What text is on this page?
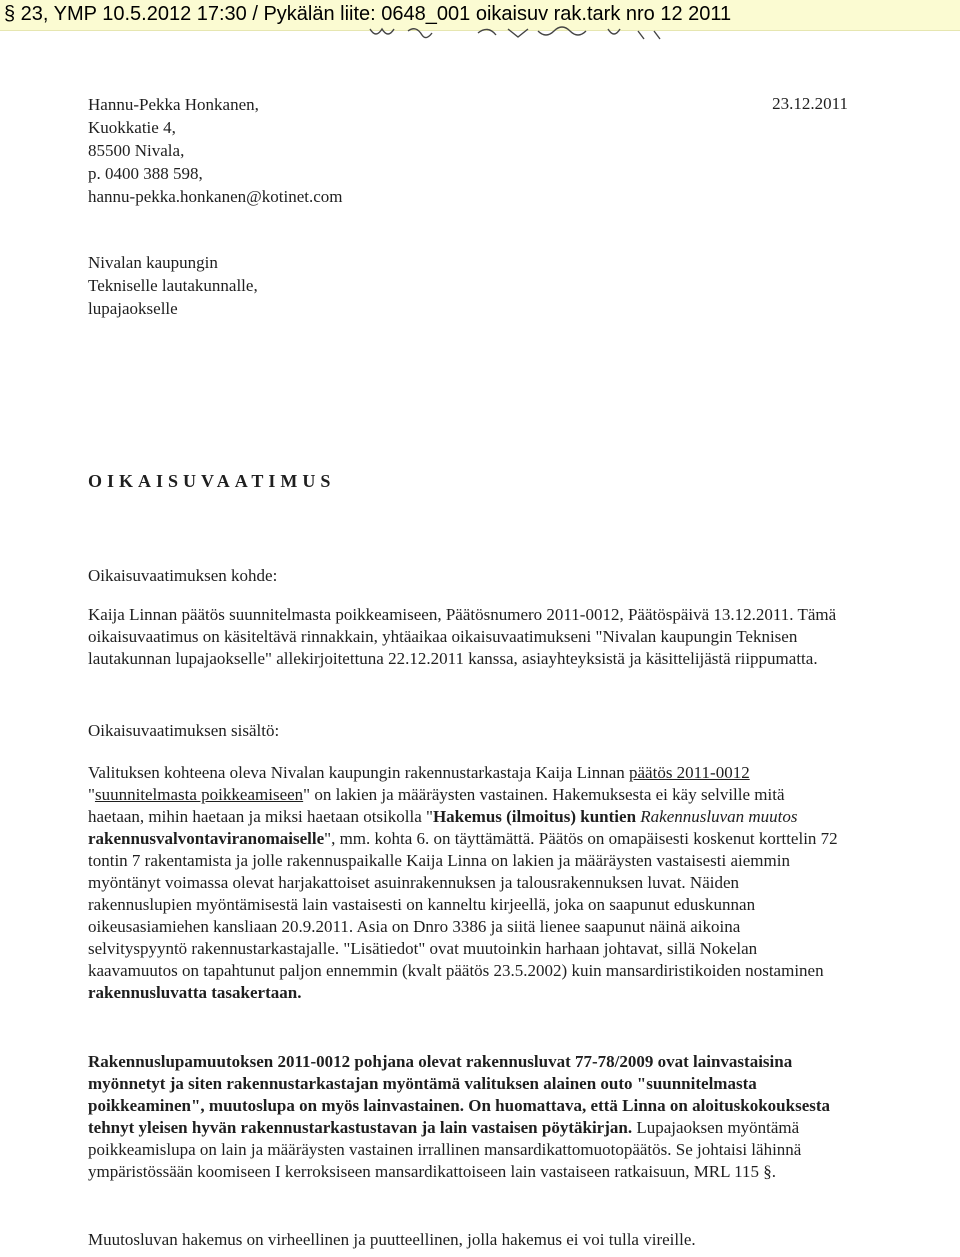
§ 23, YMP 10.5.2012 17:30 / Pykälän liite: 0648_001 oikaisuv rak.tark nro 12 2011
Hannu-Pekka Honkanen,
Kuokkatie 4,
85500 Nivala,
p. 0400 388 598,
hannu-pekka.honkanen@kotinet.com
23.12.2011
Nivalan kaupungin
Tekniselle lautakunnalle,
lupajaokselle
OIKAISUVAATIMUS
Oikaisuvaatimuksen kohde:

Kaija Linnan päätös suunnitelmasta poikkeamiseen, Päätösnumero 2011-0012, Päätöspäivä 13.12.2011. Tämä oikaisuvaatimus on käsiteltävä rinnakkain, yhtäaikaa oikaisuvaatimukseni "Nivalan kaupungin Teknisen lautakunnan lupajaokselle" allekirjoitettuna 22.12.2011 kanssa, asiayhteyksistä ja käsittelijästä riippumatta.

Oikaisuvaatimuksen sisältö:

Valituksen kohteena oleva Nivalan kaupungin rakennustarkastaja Kaija Linnan päätös 2011-0012 "suunnitelmasta poikkeamiseen" on lakien ja määräysten vastainen. Hakemuksesta ei käy selville mitä haetaan, mihin haetaan ja miksi haetaan otsikolla "Hakemus (ilmoitus) kuntien Rakennusluvan muutos rakennusvalvontaviranomaiselle", mm. kohta 6. on täyttämättä. Päätös on omapäisesti koskenut korttelin 72 tontin 7 rakentamista ja jolle rakennuspaikalle Kaija Linna on lakien ja määräysten vastaisesti aiemmin myöntänyt voimassa olevat harjakattoiset asuinrakennuksen ja talousrakennuksen luvat. Näiden rakennuslupien myöntämisestä lain vastaisesti on kanneltu kirjeellä, joka on saapunut eduskunnan oikeusasiamiehen kansliaan 20.9.2011. Asia on Dnro 3386 ja siitä lienee saapunut näinä aikoina selvityspyyntö rakennustarkastajalle. "Lisätiedot" ovat muutoinkin harhaan johtavat, sillä Nokelan kaavamuutos on tapahtunut paljon ennemmin (kvalt päätös 23.5.2002) kuin mansardiristikoiden nostaminen rakennusluvatta tasakertaan.

Rakennuslupamuutoksen 2011-0012 pohjana olevat rakennusluvat 77-78/2009 ovat lainvastaisina myönnetyt ja siten rakennustarkastajan myöntämä valituksen alainen outo "suunnitelmasta poikkeaminen", muutoslupa on myös lainvastainen. On huomattava, että Linna on aloituskokouksesta tehnyt yleisen hyvän rakennustarkastustavan ja lain vastaisen pöytäkirjan. Lupajaoksen myöntämä poikkeamislupa on lain ja määräysten vastainen irrallinen mansardikattomuotopäätös. Se johtaisi lähinnä ympäristössään koomiseen I kerroksiseen mansardikattoiseen lain vastaiseen ratkaisuun, MRL 115 §.

Muutosluvan hakemus on virheellinen ja puutteellinen, jolla hakemus ei voi tulla vireille.
